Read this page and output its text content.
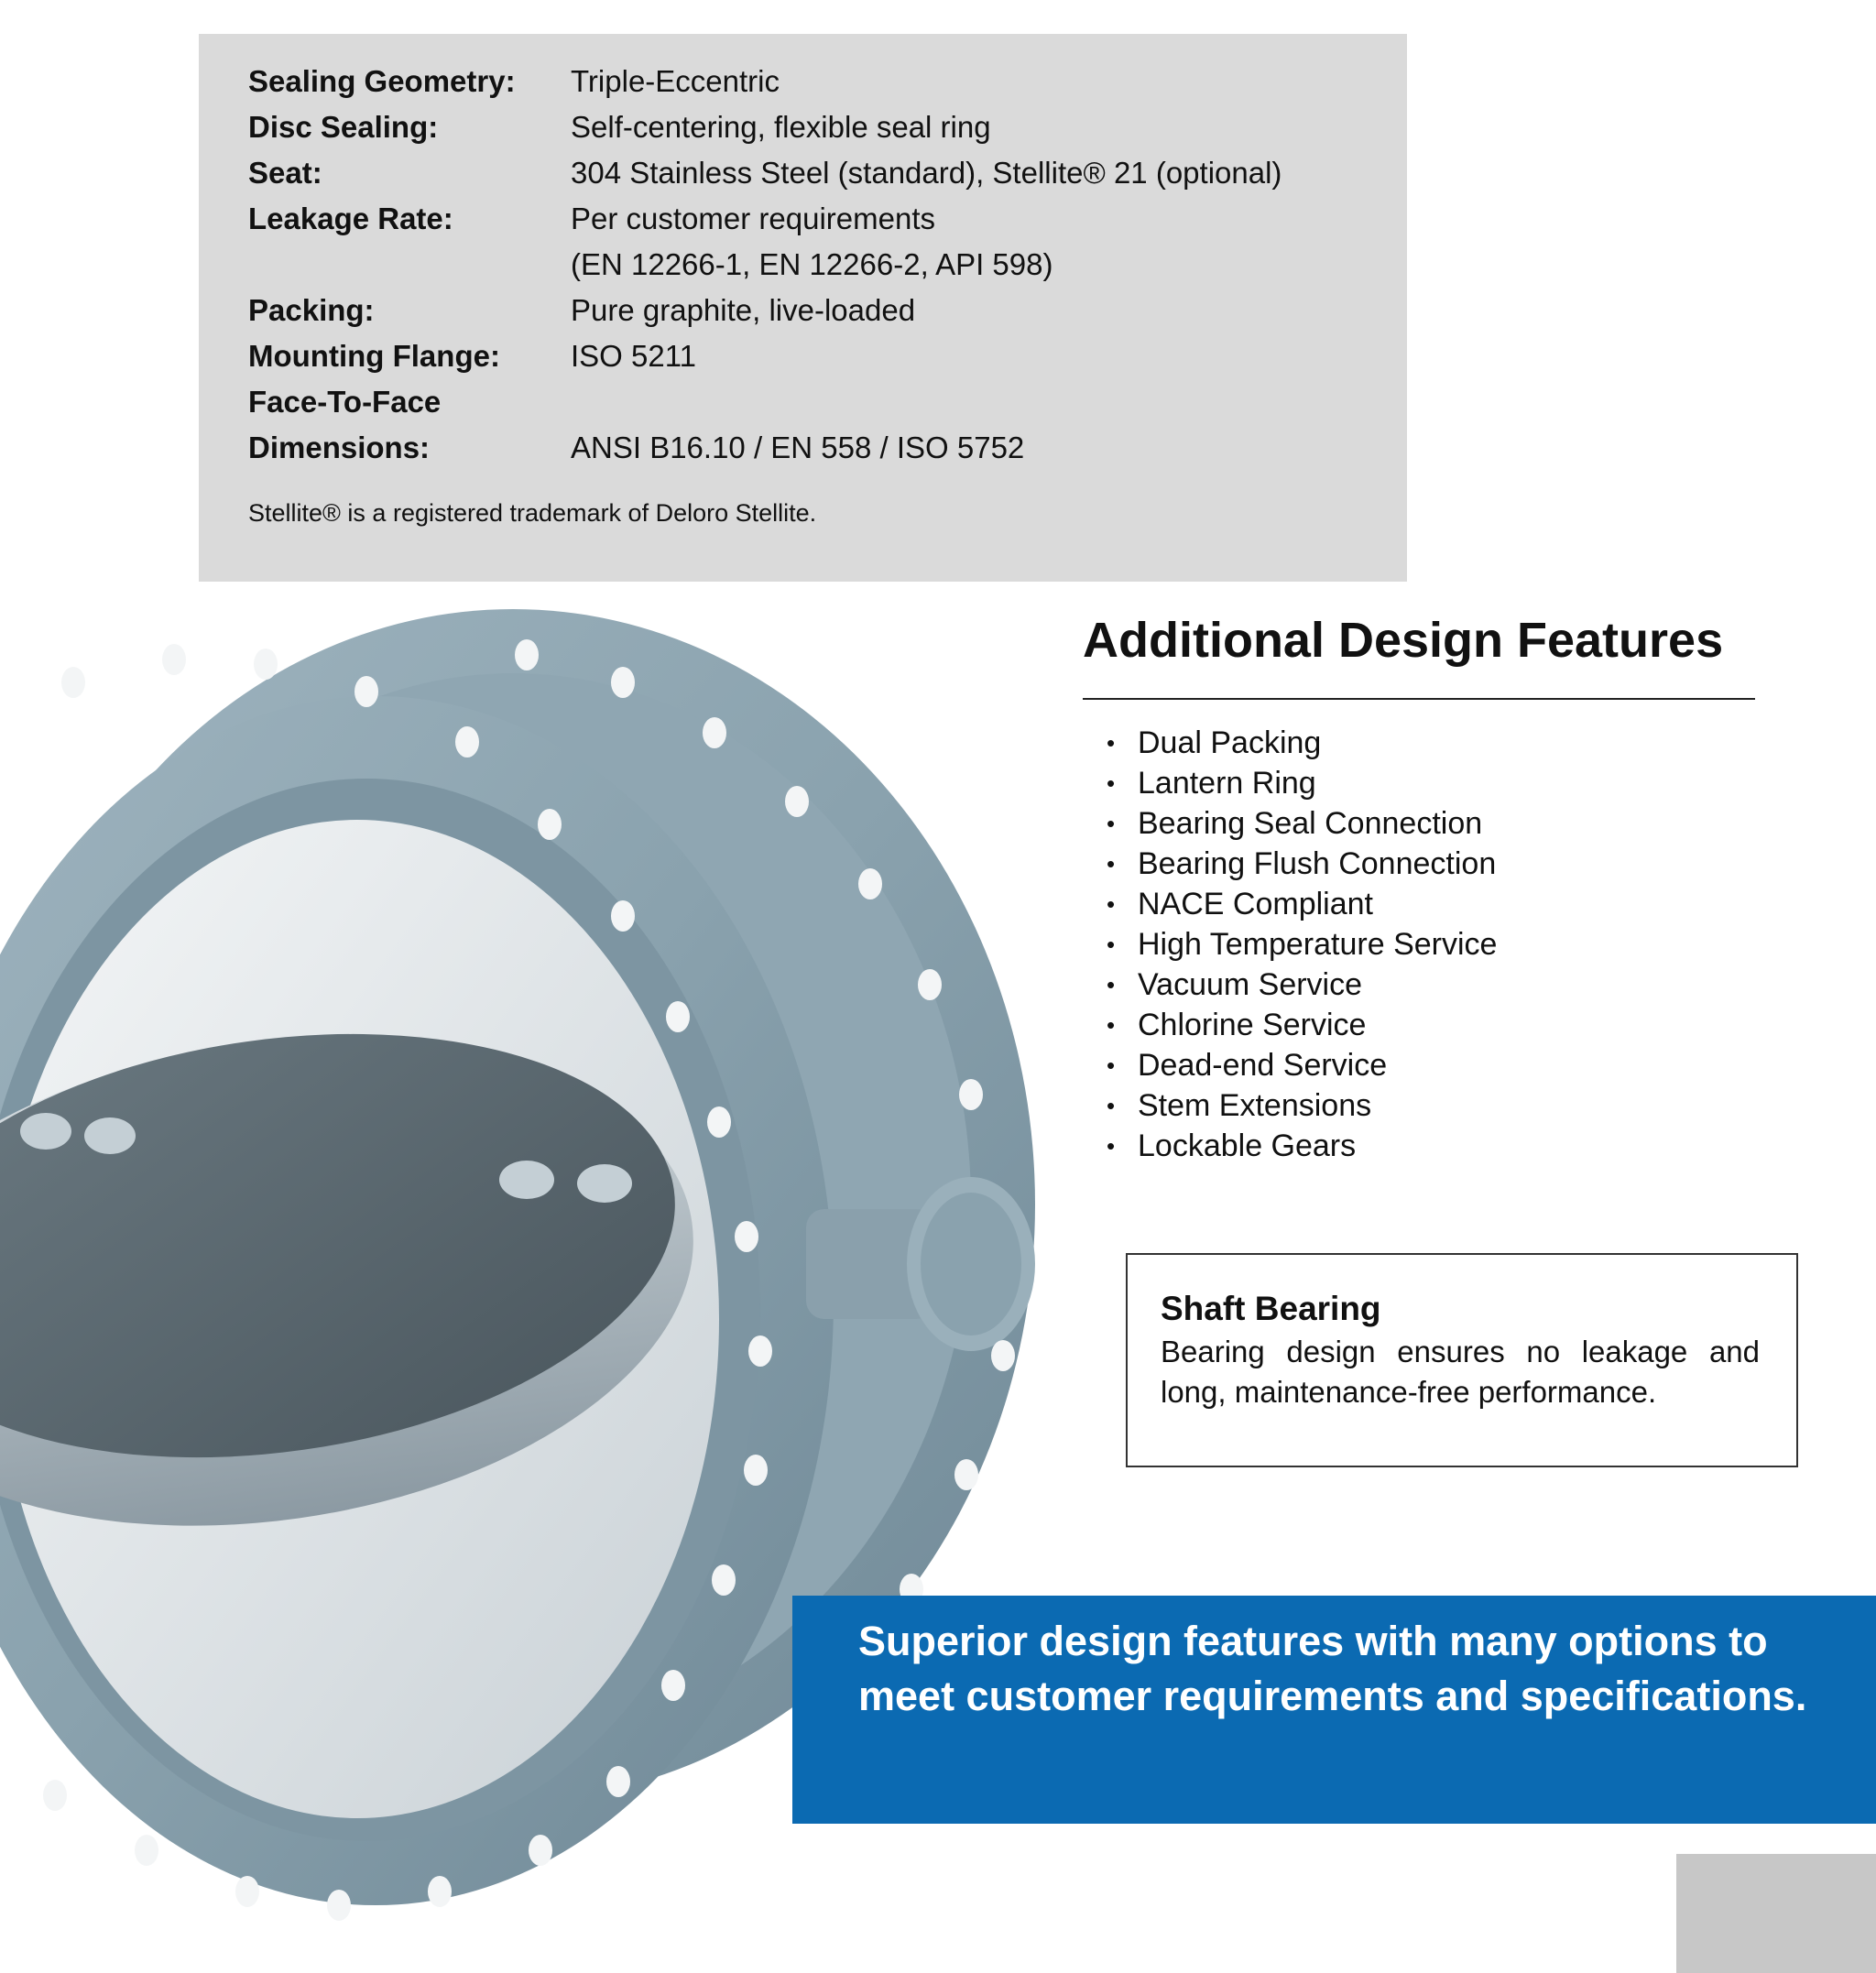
Sealing Geometry:	Triple-Eccentric
Disc Sealing:	Self-centering, flexible seal ring
Seat:	304 Stainless Steel (standard), Stellite® 21 (optional)
Leakage Rate:	Per customer requirements
(EN 12266-1, EN 12266-2, API 598)
Packing:	Pure graphite, live-loaded
Mounting Flange:	ISO 5211
Face-To-Face
Dimensions:	ANSI B16.10 / EN 558 / ISO 5752
Stellite® is a registered trademark of Deloro Stellite.
Additional Design Features
• Dual Packing
• Lantern Ring
• Bearing Seal Connection
• Bearing Flush Connection
• NACE Compliant
• High Temperature Service
• Vacuum Service
• Chlorine Service
• Dead-end Service
• Stem Extensions
• Lockable Gears
Shaft Bearing
Bearing design ensures no leakage and long, maintenance-free performance.
Superior design features with many options to meet customer requirements and specifications.
